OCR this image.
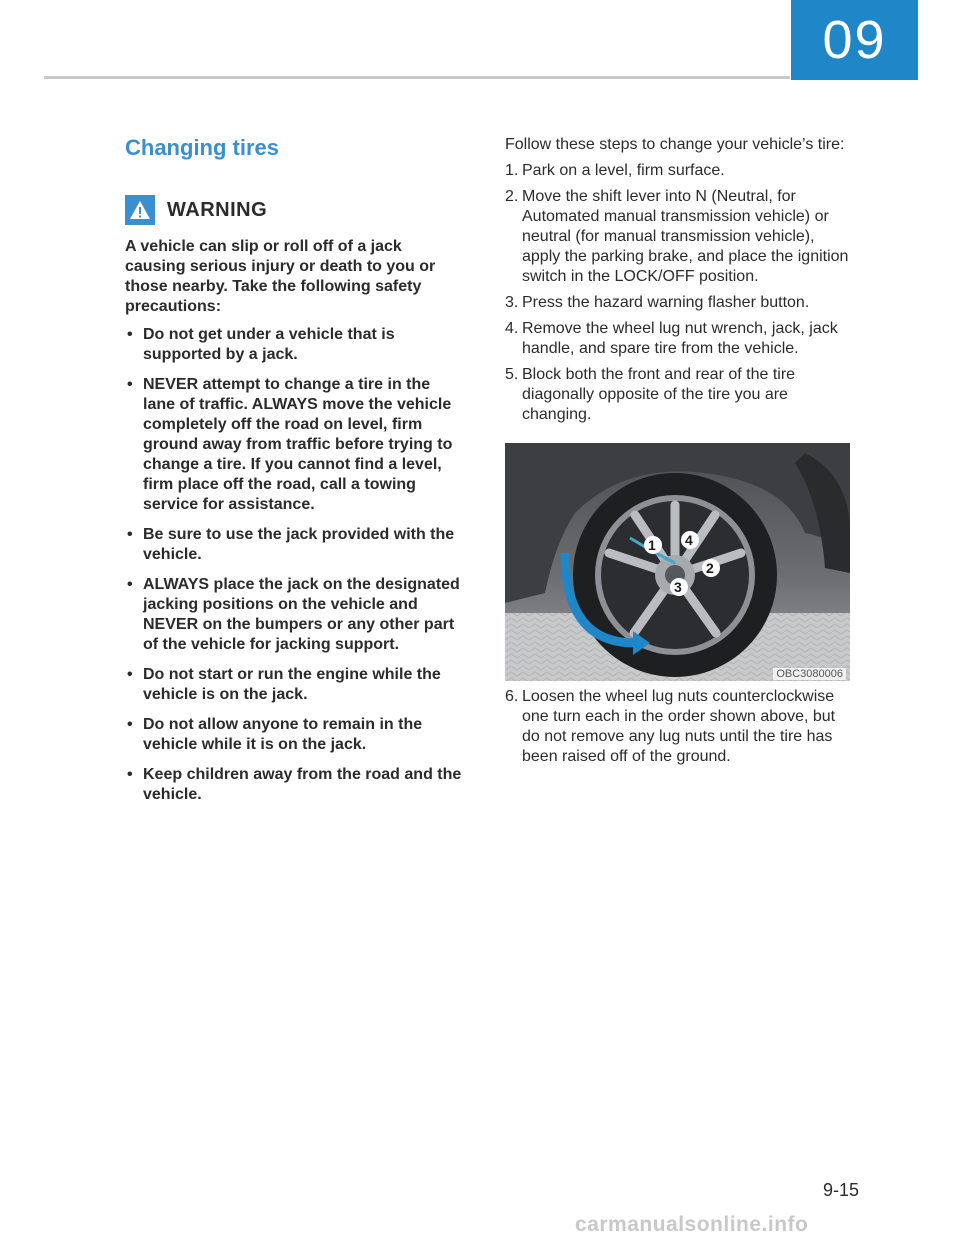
09
Changing tires
WARNING
A vehicle can slip or roll off of a jack causing serious injury or death to you or those nearby. Take the following safety precautions:
• Do not get under a vehicle that is supported by a jack.
• NEVER attempt to change a tire in the lane of traffic. ALWAYS move the vehicle completely off the road on level, firm ground away from traffic before trying to change a tire. If you cannot find a level, firm place off the road, call a towing service for assistance.
• Be sure to use the jack provided with the vehicle.
• ALWAYS place the jack on the designated jacking positions on the vehicle and NEVER on the bumpers or any other part of the vehicle for jacking support.
• Do not start or run the engine while the vehicle is on the jack.
• Do not allow anyone to remain in the vehicle while it is on the jack.
• Keep children away from the road and the vehicle.

Follow these steps to change your vehicle’s tire:

1. Park on a level, firm surface.
2. Move the shift lever into N (Neutral, for Automated manual transmission vehicle) or neutral (for manual transmission vehicle), apply the parking brake, and place the ignition switch in the LOCK/OFF position.
3. Press the hazard warning flasher button.
4. Remove the wheel lug nut wrench, jack, jack handle, and spare tire from the vehicle.
5. Block both the front and rear of the tire diagonally opposite of the tire you are changing.
1
2
3
4
OBC3080006
6. Loosen the wheel lug nuts counterclockwise one turn each in the order shown above, but do not remove any lug nuts until the tire has been raised off of the ground.
9-15
carmanualsonline.info
